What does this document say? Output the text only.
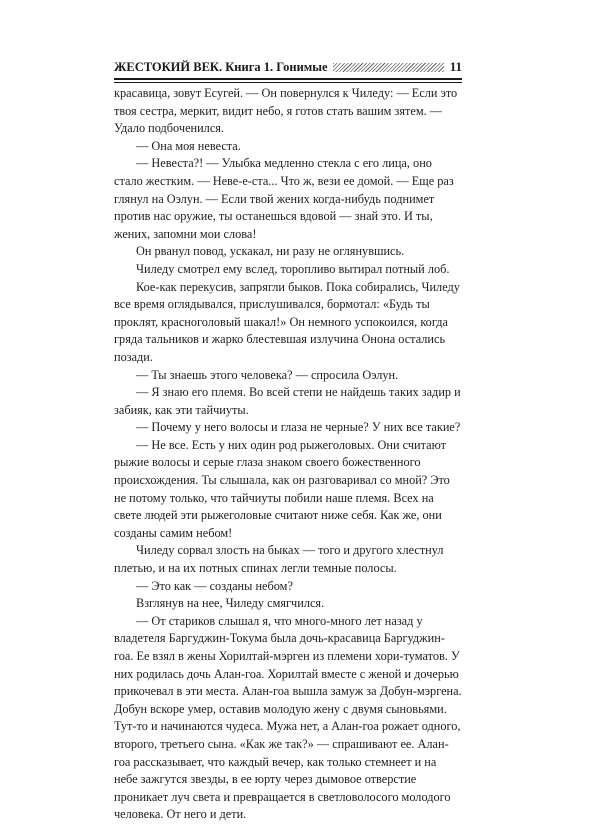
ЖЕСТОКИЙ ВЕК. Книга 1. Гонимые	11

красавица, зовут Есугей. — Он повернулся к Чиледу: — Если это твоя сестра, меркит, видит небо, я готов стать вашим зятем. — Удало подбоченился.

— Она моя невеста.

— Невеста?! — Улыбка медленно стекла с его лица, оно стало жестким. — Неве-е-ста... Что ж, вези ее домой. — Еще раз глянул на Оэлун. — Если твой жених когда-нибудь поднимет против нас оружие, ты останешься вдовой — знай это. И ты, жених, запомни мои слова!

Он рванул повод, ускакал, ни разу не оглянувшись.

Чиледу смотрел ему вслед, торопливо вытирал потный лоб.

Кое-как перекусив, запрягли быков. Пока собирались, Чиледу все время оглядывался, прислушивался, бормотал: «Будь ты проклят, красноголовый шакал!» Он немного успокоился, когда гряда тальников и жарко блестевшая излучина Онона остались позади.

— Ты знаешь этого человека? — спросила Оэлун.

— Я знаю его племя. Во всей степи не найдешь таких задир и забияк, как эти тайчиуты.

— Почему у него волосы и глаза не черные? У них все такие?

— Не все. Есть у них один род рыжеголовых. Они считают рыжие волосы и серые глаза знаком своего божественного происхождения. Ты слышала, как он разговаривал со мной? Это не потому только, что тайчиуты побили наше племя. Всех на свете людей эти рыжеголовые считают ниже себя. Как же, они созданы самим небом!

Чиледу сорвал злость на быках — того и другого хлестнул плетью, и на их потных спинах легли темные полосы.

— Это как — созданы небом?

Взглянув на нее, Чиледу смягчился.

— От стариков слышал я, что много-много лет назад у владетеля Баргуджин-Токума была дочь-красавица Баргуджин-гоа. Ее взял в жены Хорилтай-мэрген из племени хори-туматов. У них родилась дочь Алан-гоа. Хорилтай вместе с женой и дочерью прикочевал в эти места. Алан-гоа вышла замуж за Добун-мэргена. Добун вскоре умер, оставив молодую жену с двумя сыновьями. Тут-то и начинаются чудеса. Мужа нет, а Алан-гоа рожает одного, второго, третьего сына. «Как же так?» — спрашивают ее. Алан-гоа рассказывает, что каждый вечер, как только стемнеет и на небе зажгутся звезды, в ее юрту через дымовое отверстие проникает луч света и превращается в светловолосого молодого человека. От него и дети.
